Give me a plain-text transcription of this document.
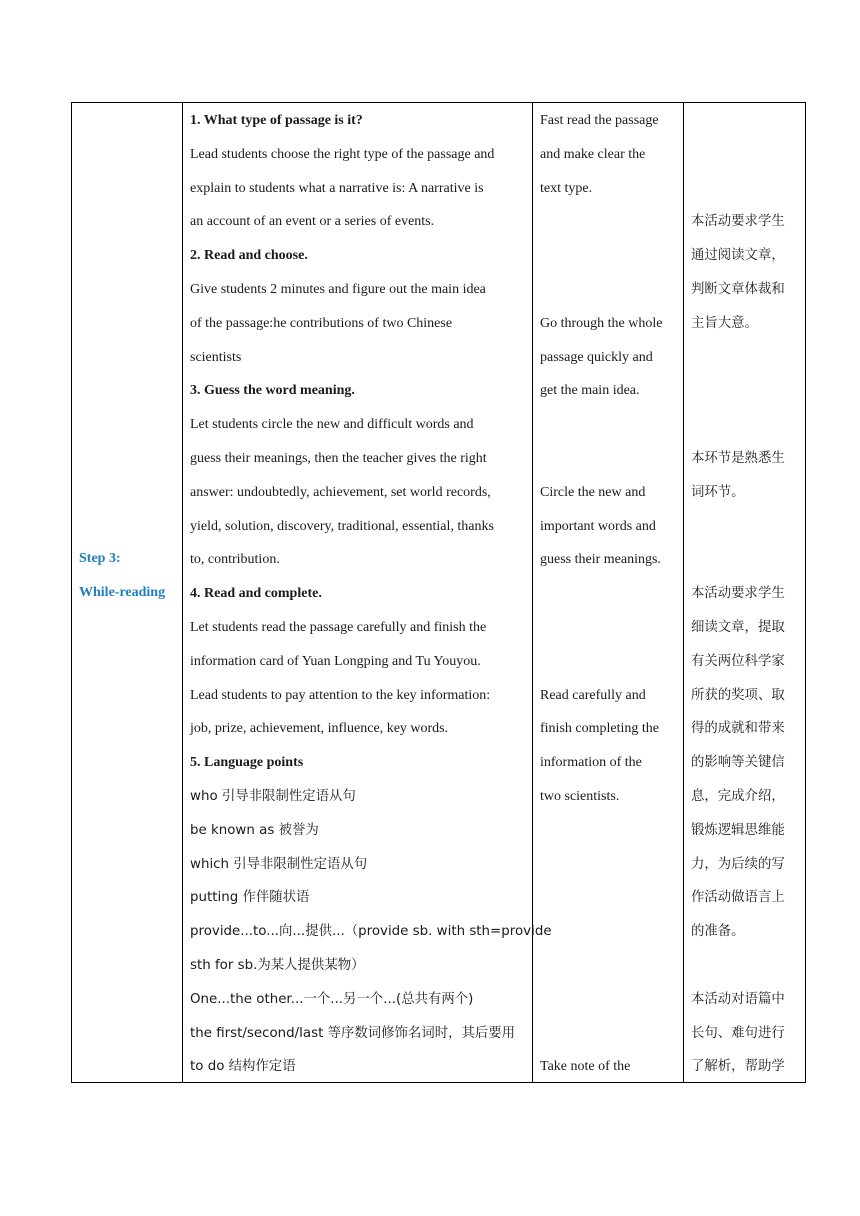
Step 3:
While-reading
1. What type of passage is it?
Lead students choose the right type of the passage and
explain to students what a narrative is: A narrative is
an account of an event or a series of events.
2. Read and choose.
Give students 2 minutes and figure out the main idea
of the passage:he contributions of two Chinese
scientists
3. Guess the word meaning.
Let students circle the new and difficult words and
guess their meanings, then the teacher gives the right
answer: undoubtedly, achievement, set world records,
yield, solution, discovery, traditional, essential, thanks
to, contribution.
4. Read and complete.
Let students read the passage carefully and finish the
information card of Yuan Longping and Tu Youyou.
Lead students to pay attention to the key information:
job, prize, achievement, influence, key words.
5. Language points
who 引导非限制性定语从句
be known as 被誉为
which 引导非限制性定语从句
putting 作伴随状语
provide...to...向...提供...（provide sb. with sth=provide
sth for sb.为某人提供某物）
One...the other...一个...另一个...(总共有两个)
the first/second/last 等序数词修饰名词时，其后要用
to do 结构作定语
Fast read the passage
and make clear the
text type.
Go through the whole
passage quickly and
get the main idea.
Circle the new and
important words and
guess their meanings.
Read carefully and
finish completing the
information of the
two scientists.
Take note of the
本活动要求学生
通过阅读文章，
判断文章体裁和
主旨大意。
本环节是熟悉生
词环节。
本活动要求学生
细读文章，提取
有关两位科学家
所获的奖项、取
得的成就和带来
的影响等关键信
息，完成介绍，
锻炼逻辑思维能
力，为后续的写
作活动做语言上
的准备。
本活动对语篇中
长句、难句进行
了解析，帮助学
